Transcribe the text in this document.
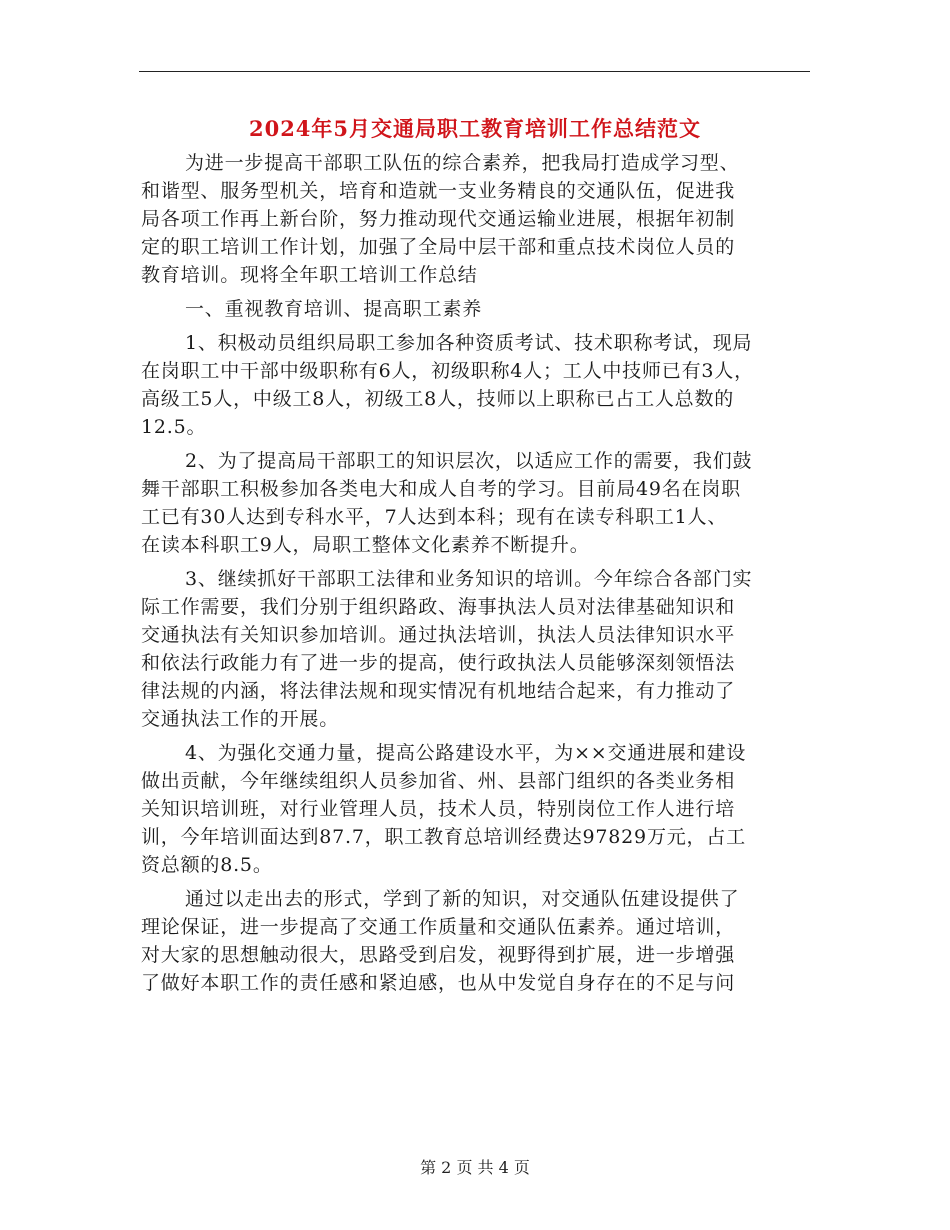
2024年5月交通局职工教育培训工作总结范文
为进一步提高干部职工队伍的综合素养，把我局打造成学习型、
和谐型、服务型机关，培育和造就一支业务精良的交通队伍，促进我
局各项工作再上新台阶，努力推动现代交通运输业进展，根据年初制
定的职工培训工作计划，加强了全局中层干部和重点技术岗位人员的
教育培训。现将全年职工培训工作总结
一、重视教育培训、提高职工素养
1、积极动员组织局职工参加各种资质考试、技术职称考试，现局
在岗职工中干部中级职称有6人，初级职称4人；工人中技师已有3人，
高级工5人，中级工8人，初级工8人，技师以上职称已占工人总数的
12.5。
2、为了提高局干部职工的知识层次，以适应工作的需要，我们鼓
舞干部职工积极参加各类电大和成人自考的学习。目前局49名在岗职
工已有30人达到专科水平，7人达到本科；现有在读专科职工1人、
在读本科职工9人，局职工整体文化素养不断提升。
3、继续抓好干部职工法律和业务知识的培训。今年综合各部门实
际工作需要，我们分别于组织路政、海事执法人员对法律基础知识和
交通执法有关知识参加培训。通过执法培训，执法人员法律知识水平
和依法行政能力有了进一步的提高，使行政执法人员能够深刻领悟法
律法规的内涵，将法律法规和现实情况有机地结合起来，有力推动了
交通执法工作的开展。
4、为强化交通力量，提高公路建设水平，为××交通进展和建设
做出贡献，今年继续组织人员参加省、州、县部门组织的各类业务相
关知识培训班，对行业管理人员，技术人员，特别岗位工作人进行培
训，今年培训面达到87.7，职工教育总培训经费达97829万元，占工
资总额的8.5。
通过以走出去的形式，学到了新的知识，对交通队伍建设提供了
理论保证，进一步提高了交通工作质量和交通队伍素养。通过培训，
对大家的思想触动很大，思路受到启发，视野得到扩展，进一步增强
了做好本职工作的责任感和紧迫感，也从中发觉自身存在的不足与问
第 2 页 共 4 页
